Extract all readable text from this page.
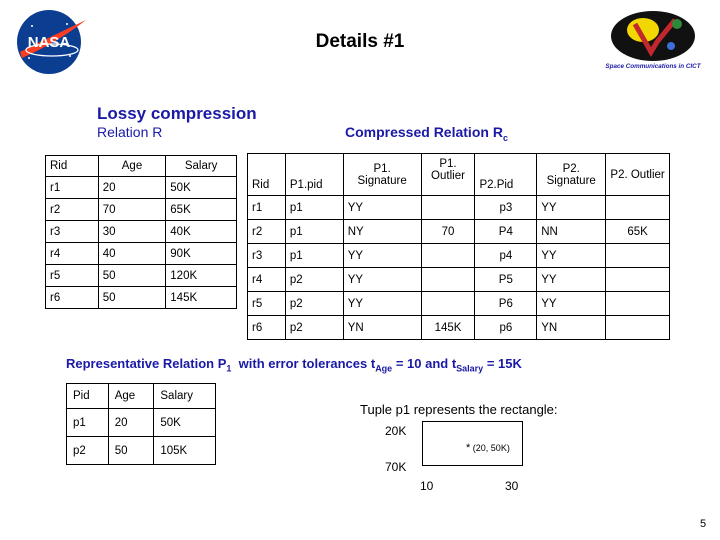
NASA
Space Communications in CICT
Details #1
Lossy compression
Relation R	Compressed Relation $R_c$
Rid	Age	Salary
r1	20	50K
r2	70	65K
r3	30	40K
r4	40	90K
r5	50	120K
r6	50	145K
Rid	P1.pid	P1. Signature	P1. Outlier	P2.Pid	P2. Signature	P2. Outlier
r1	p1	YY		p3	YY	
r2	p1	NY	70	P4	NN	65K
r3	p1	YY		p4	YY	
r4	p2	YY		P5	YY	
r5	p2	YY		P6	YY	
r6	p2	YN	145K	p6	YN	
Representative Relation $P_1$ with error tolerances $t_{Age} = 10$ and $t_{Salary} = 15K$
Pid	Age	Salary
p1	20	50K
p2	50	105K
Tuple p1 represents the rectangle:
20K
70K
10	30
* (20, 50K)
5
